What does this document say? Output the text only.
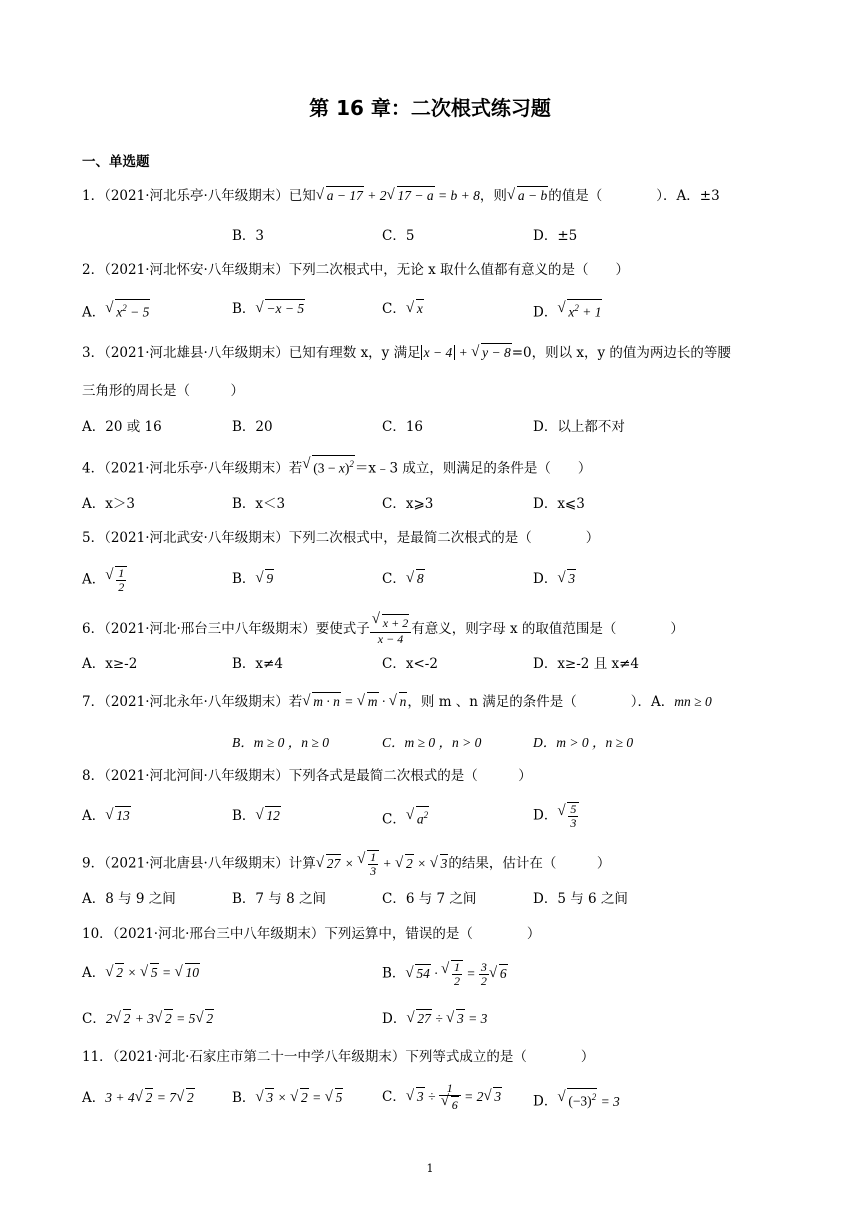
第 16 章：二次根式练习题
一、单选题
1．（2021·河北乐亭·八年级期末）已知 √ a − 17 + 2 √ 17 − a = b + 8，则 √ a − b的值是（　　　　）．A．±3
B．3	C．5	D．±5
2．（2021·河北怀安·八年级期末）下列二次根式中，无论 x 取什么值都有意义的是（　　）
A． √ $x^2 - 5$	B． √ −x − 5	C． √ x	D． √ $x^2 + 1$
3．（2021·河北雄县·八年级期末）已知有理数 x，y 满足 x − 4 + √ y − 8=0，则以 x，y 的值为两边长的等腰
三角形的周长是（　　　）
A．20 或 16	B．20	C．16	D．以上都不对
4．（2021·河北乐亭·八年级期末）若 √ $(3 - x)^2=x﹣3$ 成立，则满足的条件是（　　）
A．x＞3	B．x＜3	C．x⩾3	D．x⩽3
5．（2021·河北武安·八年级期末）下列二次根式中，是最简二次根式的是（　　　　）
A． √ $\frac{1}{2}$	B． √ 9	C． √ 8	D． √ 3
6．（2021·河北·邢台三中八年级期末）要使式子 √ $\frac{x + 2}{x - 4}$ 有意义，则字母 x 的取值范围是（　　　　）
A．x≥-2	B．x≠4	C．x<-2	D．x≥-2 且 x≠4
7．（2021·河北永年·八年级期末）若 √ m · n = √ m · √ n，则 m 、n 满足的条件是（　　　　）．A．mn ≥ 0
B．m ≥ 0 ，n ≥ 0	C．m ≥ 0 ，n > 0	D．m > 0 ，n ≥ 0
8．（2021·河北河间·八年级期末）下列各式是最简二次根式的是（　　　）
A． √ 13	B． √ 12	C． √ $a^2$	D． √ $\frac{5}{3}$
9．（2021·河北唐县·八年级期末）计算 √ 27 × √ $\frac{1}{3}$ + √ 2 × √ 3的结果，估计在（　　　）
A．8 与 9 之间	B．7 与 8 之间	C．6 与 7 之间	D．5 与 6 之间
10．（2021·河北·邢台三中八年级期末）下列运算中，错误的是（　　　　）
A． √ 2 × √ 5 = √ 10	B． √ 54 · √ $\frac{1}{2} = \frac{3}{2}$ √ 6
C．2 √ 2 + 3 √ 2 = 5 √ 2	D． √ 27 ÷ √ 3 = 3
11．（2021·河北·石家庄市第二十一中学八年级期末）下列等式成立的是（　　　　）
A．3 + 4 √ 2 = 7 √ 2	B． √ 3 × √ 2 = √ 5	C． √ 3 ÷ 1
√ 6 = 2 √ 3 D． √ $(-3)^2 = 3$
1
